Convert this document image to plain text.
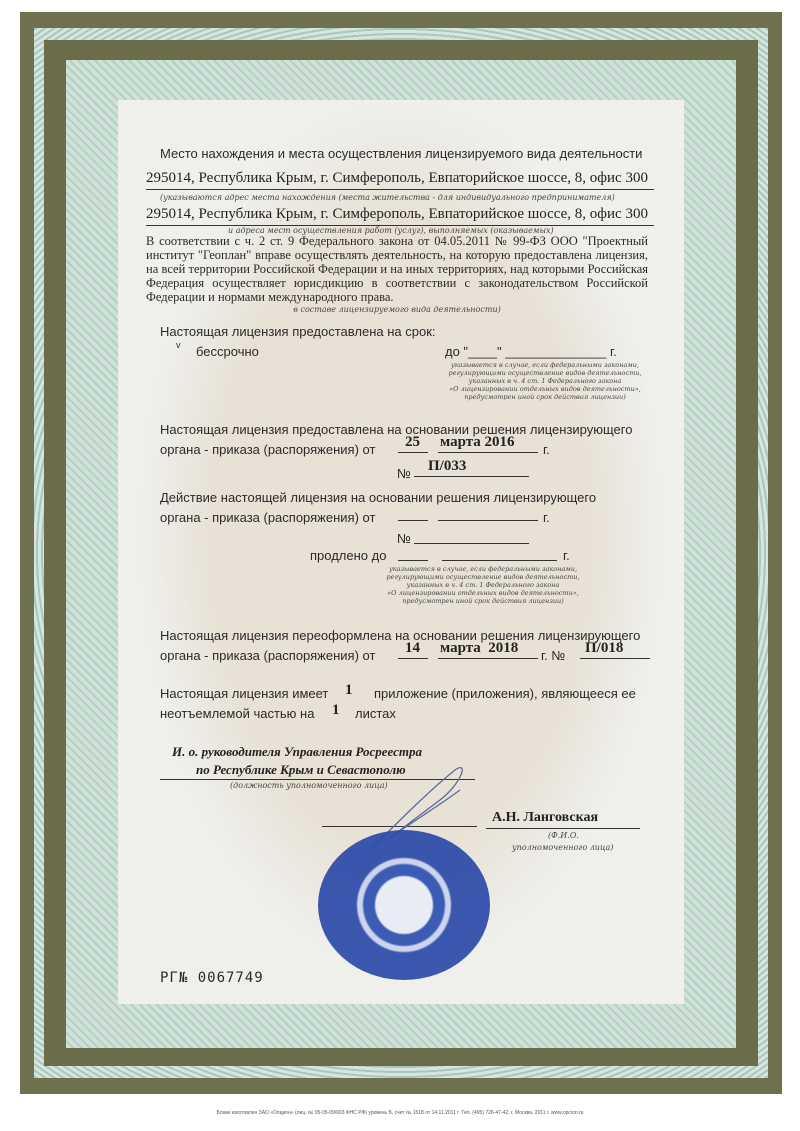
Место нахождения и места осуществления лицензируемого вида деятельности
295014, Республика Крым, г. Симферополь, Евпаторийское шоссе, 8, офис 300
(указываются адрес места нахождения (места жительства - для индивидуального предпринимателя)
295014, Республика Крым, г. Симферополь, Евпаторийское шоссе, 8, офис 300
и адреса мест осуществления работ (услуг), выполняемых (оказываемых)
В соответствии с ч. 2 ст. 9 Федерального закона от 04.05.2011 № 99-ФЗ ООО "Проектный институт "Геоплан" вправе осуществлять деятельность, на которую предоставлена лицензия, на всей территории Российской Федерации и на иных территориях, над которыми Российская Федерация осуществляет юрисдикцию в соответствии с законодательством Российской Федерации и нормами международного права.
в составе лицензируемого вида деятельности)
Настоящая лицензия предоставлена на срок:
v бессрочно	до "____" ______________ г.
указывается в случае, если федеральными законами,
регулирующими осуществление видов деятельности,
указанных в ч. 4 ст. 1 Федерального закона
«О лицензировании отдельных видов деятельности»,
предусмотрен иной срок действия лицензии)
Настоящая лицензия предоставлена на основании решения лицензирующего
органа - приказа (распоряжения) от 25 марта 2016 г.
№ П/033
Действие настоящей лицензия на основании решения лицензирующего
органа - приказа (распоряжения) от	г.
№
продлено до	г.
указывается в случае, если федеральными законами,
регулирующими осуществление видов деятельности,
указанных в ч. 4 ст. 1 Федерального закона
«О лицензировании отдельных видов деятельности»,
предусмотрен иной срок действия лицензии)
Настоящая лицензия переоформлена на основании решения лицензирующего
органа - приказа (распоряжения) от 14 марта  2018 г. № П/018
Настоящая лицензия имеет 1 приложение (приложения), являющееся ее
неотъемлемой частью на 1 листах
И. о. руководителя Управления Росреестра
по Республике Крым и Севастополю
(должность уполномоченного лица)
А.Н. Ланговская
(Ф.И.О.
уполномоченного лица)
РГ№ 0067749
Бланк изготовлен ЗАО «Опцион» (лиц. № 05-05-09/003 ФНС РФ) уровень Б, счет № 1518 от 14.11.2011 г. Тел. (495) 726-47-42, г. Москва, 2011 г. www.opcion.ru
